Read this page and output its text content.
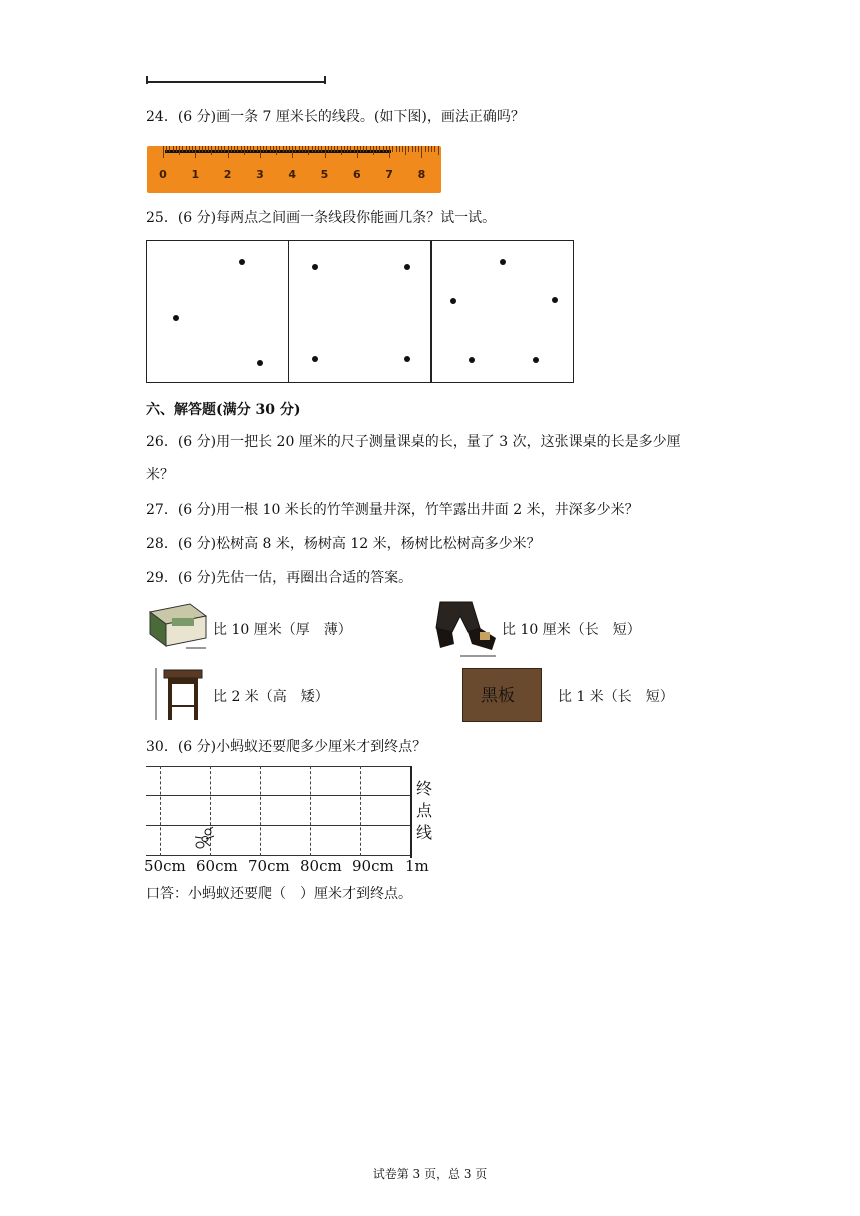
24．(6 分)画一条 7 厘米长的线段。(如下图)，画法正确吗？
0 1 2 3 4 5 6 7 8
25．(6 分)每两点之间画一条线段你能画几条？试一试。
六、解答题(满分 30 分)
26．(6 分)用一把长 20 厘米的尺子测量课桌的长，量了 3 次，这张课桌的长是多少厘
米？
27．(6 分)用一根 10 米长的竹竿测量井深，竹竿露出井面 2 米，井深多少米？
28．(6 分)松树高 8 米，杨树高 12 米，杨树比松树高多少米？
29．(6 分)先估一估，再圈出合适的答案。
比 10 厘米（厚　薄）	比 10 厘米（长　短）
比 2 米（高　矮）	黑板	比 1 米（长　短）
30．(6 分)小蚂蚁还要爬多少厘米才到终点？
终点线
50cm 60cm 70cm 80cm 90cm 1m
口答：小蚂蚁还要爬（　）厘米才到终点。
试卷第 3 页，总 3 页
